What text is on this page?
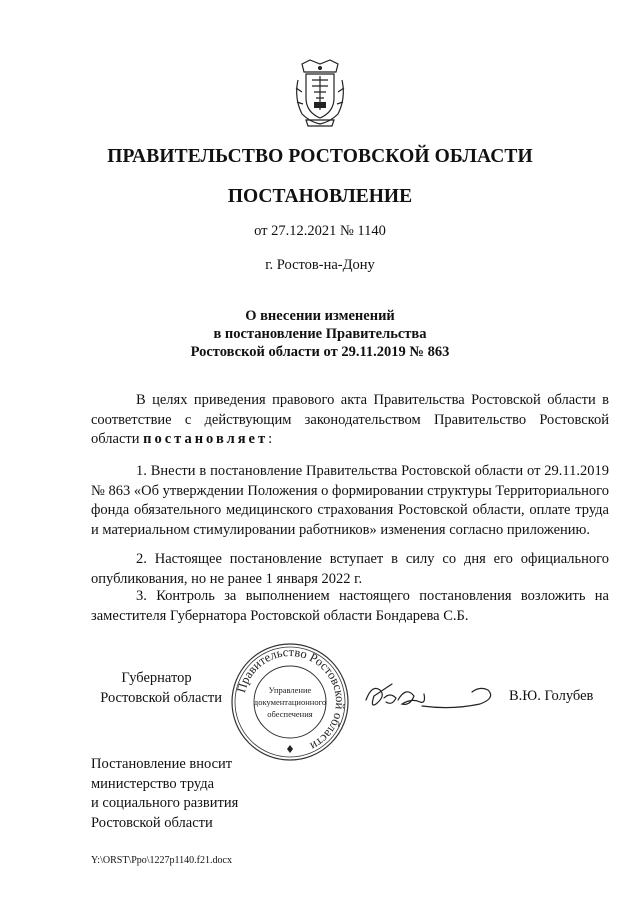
ПРАВИТЕЛЬСТВО РОСТОВСКОЙ ОБЛАСТИ
ПОСТАНОВЛЕНИЕ
от 27.12.2021 № 1140
г. Ростов-на-Дону
О внесении изменений
в постановление Правительства
Ростовской области от 29.11.2019 № 863
В целях приведения правового акта Правительства Ростовской области в соответствие с действующим законодательством Правительство Ростовской области постановляет:
1. Внести в постановление Правительства Ростовской области от 29.11.2019 № 863 «Об утверждении Положения о формировании структуры Территориального фонда обязательного медицинского страхования Ростовской области, оплате труда и материальном стимулировании работников» изменения согласно приложению.
2. Настоящее постановление вступает в силу со дня его официального опубликования, но не ранее 1 января 2022 г.
3. Контроль за выполнением настоящего постановления возложить на заместителя Губернатора Ростовской области Бондарева С.Б.
Губернатор
Ростовской области
Правительство Ростовской области
Управление
документационного
обеспечения
В.Ю. Голубев
Постановление вносит
министерство труда
и социального развития
Ростовской области
Y:\ORST\Ppo\1227p1140.f21.docx
